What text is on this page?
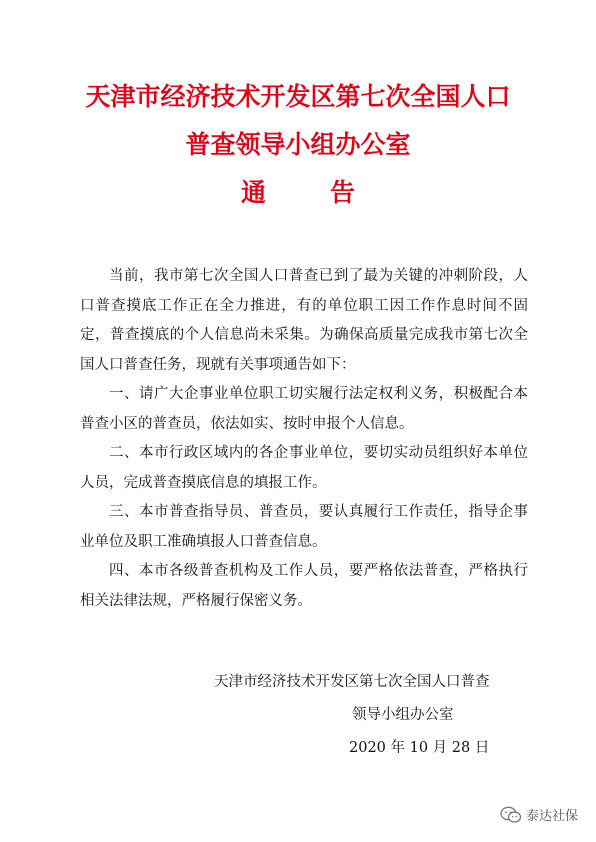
天津市经济技术开发区第七次全国人口
普查领导小组办公室
通告

当前，我市第七次全国人口普查已到了最为关键的冲刺阶段，人口普查摸底工作正在全力推进，有的单位职工因工作作息时间不固定，普查摸底的个人信息尚未采集。为确保高质量完成我市第七次全国人口普查任务，现就有关事项通告如下：

一、请广大企事业单位职工切实履行法定权利义务，积极配合本普查小区的普查员，依法如实、按时申报个人信息。

二、本市行政区域内的各企事业单位，要切实动员组织好本单位人员，完成普查摸底信息的填报工作。

三、本市普查指导员、普查员，要认真履行工作责任，指导企事业单位及职工准确填报人口普查信息。

四、本市各级普查机构及工作人员，要严格依法普查，严格执行相关法律法规，严格履行保密义务。

天津市经济技术开发区第七次全国人口普查
领导小组办公室
2020 年 10 月 28 日
泰达社保
